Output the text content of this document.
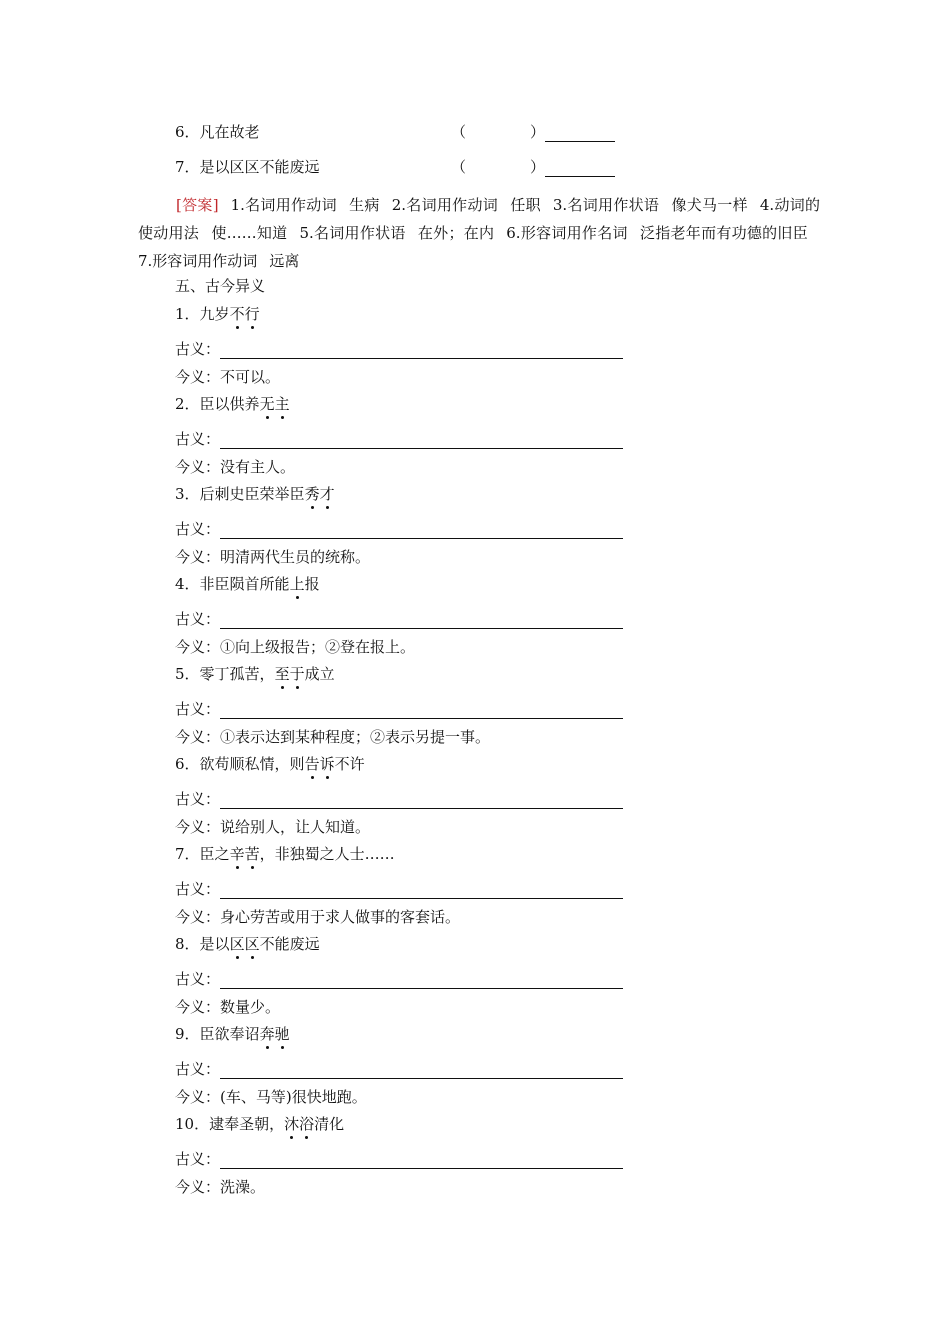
6．凡在故老	（	）
7．是以区区不能废远	（	）
[答案] 1.名词用作动词 生病 2.名词用作动词 任职 3.名词用作状语 像犬马一样 4.动词的使动用法 使……知道 5.名词用作状语 在外；在内 6.形容词用作名词 泛指老年而有功德的旧臣7.形容词用作动词 远离
五、古今异义
1．九岁不行
古义：
今义：不可以。
2．臣以供养无主
古义：
今义：没有主人。
3．后刺史臣荣举臣秀才
古义：
今义：明清两代生员的统称。
4．非臣陨首所能上报
古义：
今义：①向上级报告；②登在报上。
5．零丁孤苦，至于成立
古义：
今义：①表示达到某种程度；②表示另提一事。
6．欲苟顺私情，则告诉不许
古义：
今义：说给别人，让人知道。
7．臣之辛苦，非独蜀之人士……
古义：
今义：身心劳苦或用于求人做事的客套话。
8．是以区区不能废远
古义：
今义：数量少。
9．臣欲奉诏奔驰
古义：
今义：(车、马等)很快地跑。
10．逮奉圣朝，沐浴清化
古义：
今义：洗澡。
